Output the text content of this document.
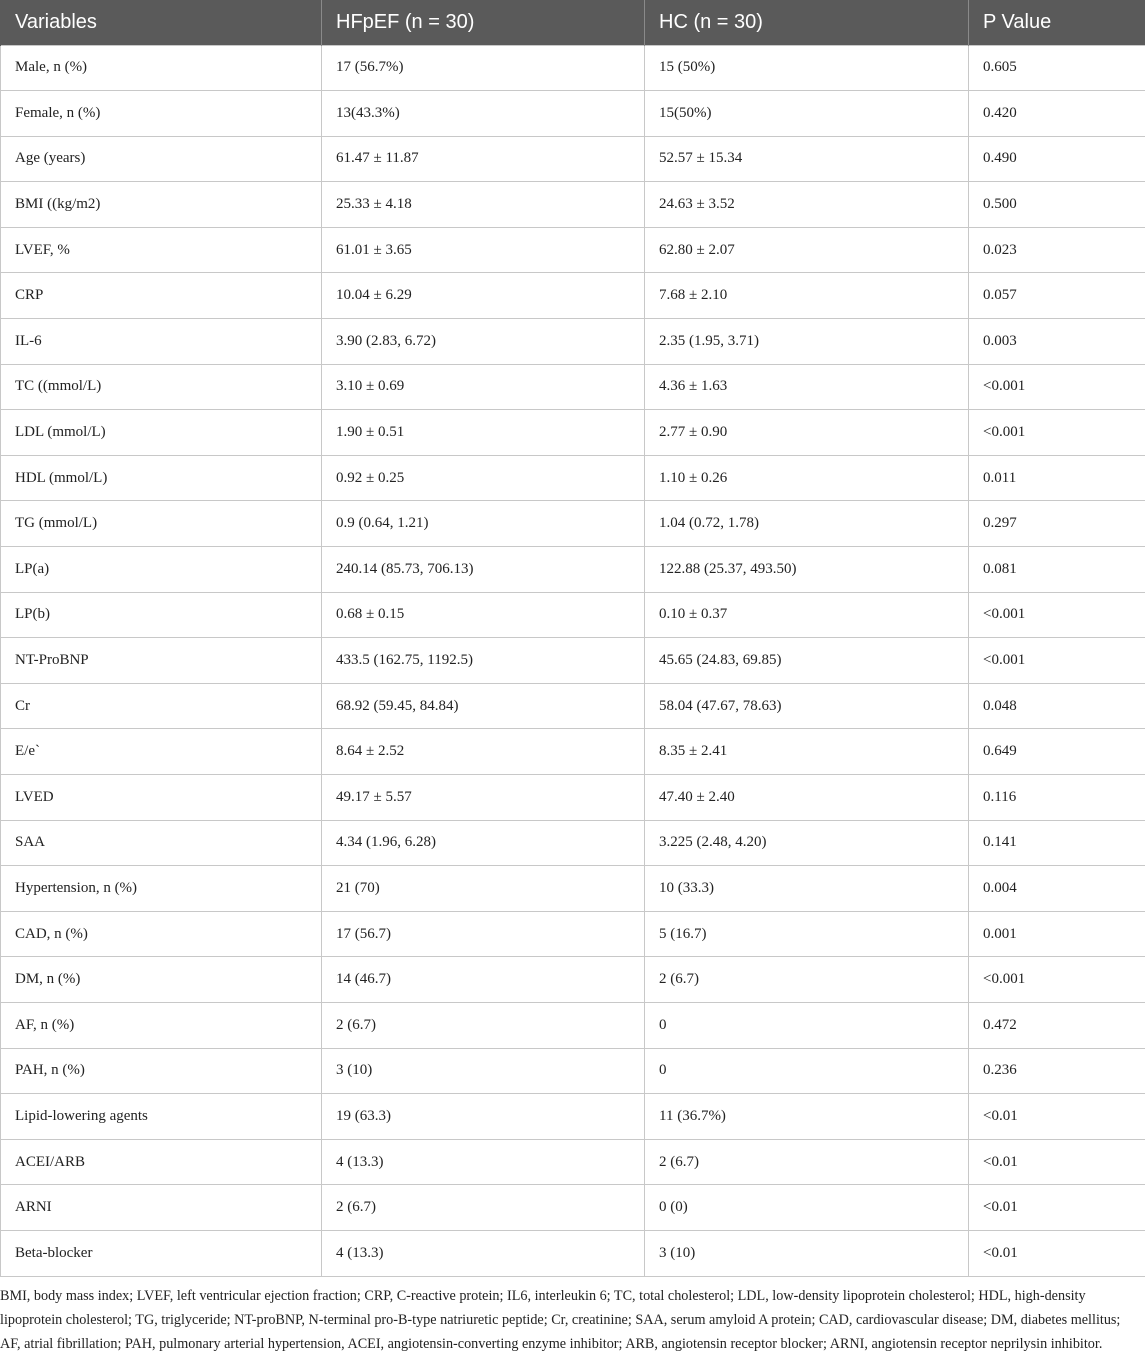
Variables	HFpEF (n = 30)	HC (n = 30)	P Value
Male, n (%)	17 (56.7%)	15 (50%)	0.605
Female, n (%)	13(43.3%)	15(50%)	0.420
Age (years)	61.47 ± 11.87	52.57 ± 15.34	0.490
BMI ((kg/m2)	25.33 ± 4.18	24.63 ± 3.52	0.500
LVEF, %	61.01 ± 3.65	62.80 ± 2.07	0.023
CRP	10.04 ± 6.29	7.68 ± 2.10	0.057
IL-6	3.90 (2.83, 6.72)	2.35 (1.95, 3.71)	0.003
TC ((mmol/L)	3.10 ± 0.69	4.36 ± 1.63	<0.001
LDL (mmol/L)	1.90 ± 0.51	2.77 ± 0.90	<0.001
HDL (mmol/L)	0.92 ± 0.25	1.10 ± 0.26	0.011
TG (mmol/L)	0.9 (0.64, 1.21)	1.04 (0.72, 1.78)	0.297
LP(a)	240.14 (85.73, 706.13)	122.88 (25.37, 493.50)	0.081
LP(b)	0.68 ± 0.15	0.10 ± 0.37	<0.001
NT-ProBNP	433.5 (162.75, 1192.5)	45.65 (24.83, 69.85)	<0.001
Cr	68.92 (59.45, 84.84)	58.04 (47.67, 78.63)	0.048
E/e`	8.64 ± 2.52	8.35 ± 2.41	0.649
LVED	49.17 ± 5.57	47.40 ± 2.40	0.116
SAA	4.34 (1.96, 6.28)	3.225 (2.48, 4.20)	0.141
Hypertension, n (%)	21 (70)	10 (33.3)	0.004
CAD, n (%)	17 (56.7)	5 (16.7)	0.001
DM, n (%)	14 (46.7)	2 (6.7)	<0.001
AF, n (%)	2 (6.7)	0	0.472
PAH, n (%)	3 (10)	0	0.236
Lipid-lowering agents	19 (63.3)	11 (36.7%)	<0.01
ACEI/ARB	4 (13.3)	2 (6.7)	<0.01
ARNI	2 (6.7)	0 (0)	<0.01
Beta-blocker	4 (13.3)	3 (10)	<0.01
BMI, body mass index; LVEF, left ventricular ejection fraction; CRP, C-reactive protein; IL6, interleukin 6; TC, total cholesterol; LDL, low-density lipoprotein cholesterol; HDL, high-density lipoprotein cholesterol; TG, triglyceride; NT-proBNP, N-terminal pro-B-type natriuretic peptide; Cr, creatinine; SAA, serum amyloid A protein; CAD, cardiovascular disease; DM, diabetes mellitus; AF, atrial fibrillation; PAH, pulmonary arterial hypertension, ACEI, angiotensin-converting enzyme inhibitor; ARB, angiotensin receptor blocker; ARNI, angiotensin receptor neprilysin inhibitor.
